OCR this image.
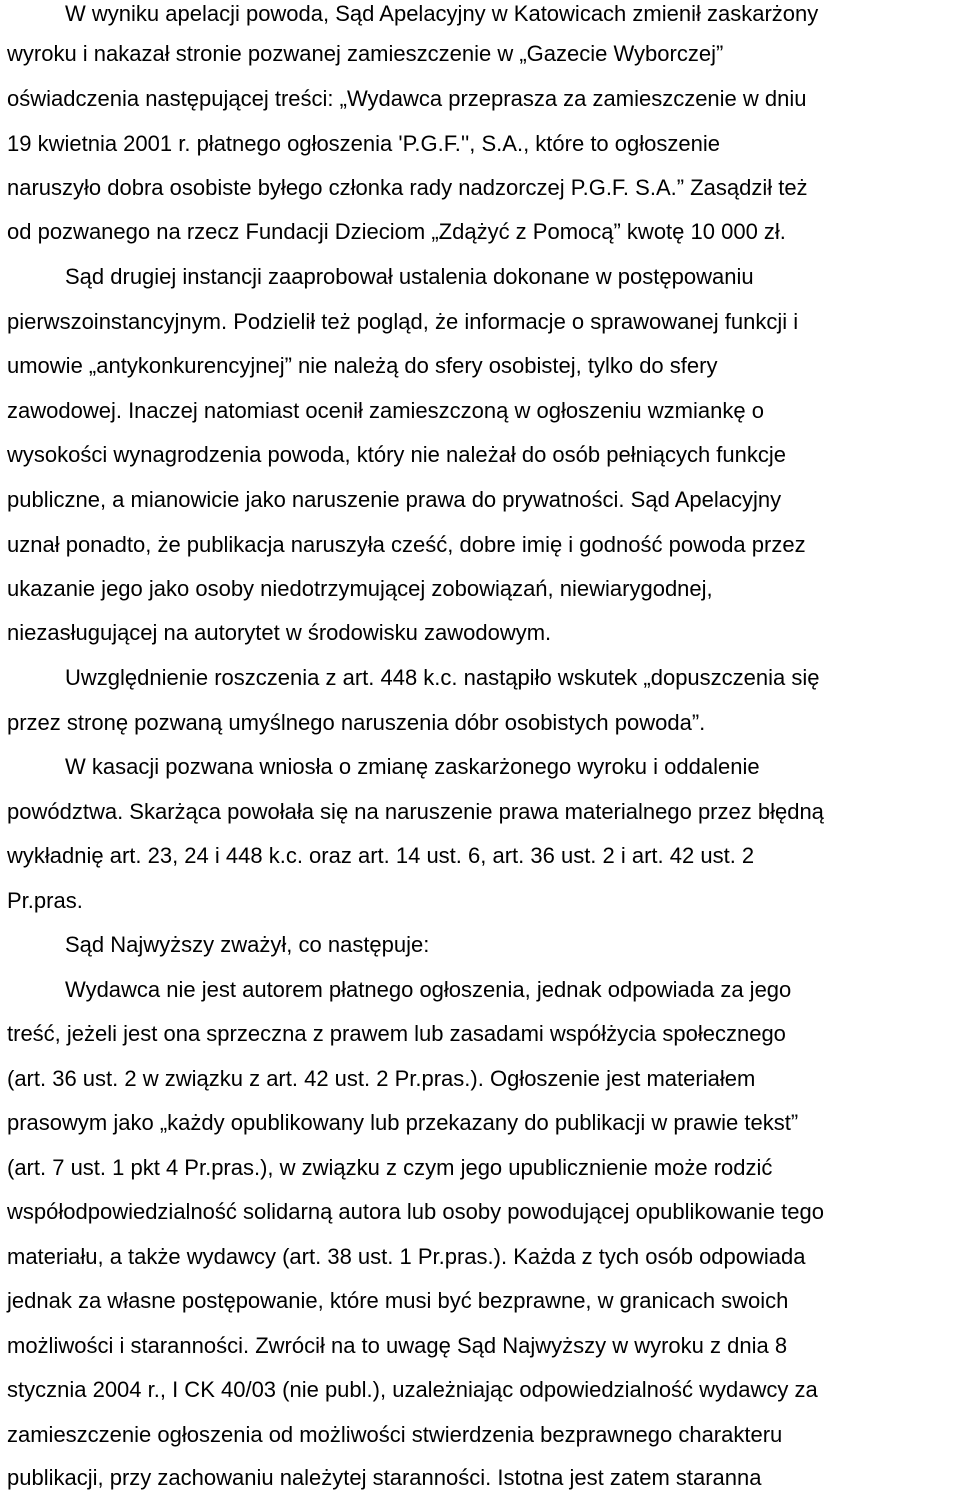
W wyniku apelacji powoda, Sąd Apelacyjny w Katowicach zmienił zaskarżony
wyroku i nakazał stronie pozwanej zamieszczenie w „Gazecie Wyborczej”
oświadczenia następującej treści: „Wydawca przeprasza za zamieszczenie w dniu
19 kwietnia 2001 r. płatnego ogłoszenia 'P.G.F.'', S.A., które to ogłoszenie
naruszyło dobra osobiste byłego członka rady nadzorczej P.G.F. S.A.” Zasądził też
od pozwanego na rzecz Fundacji Dzieciom „Zdążyć z Pomocą” kwotę 10 000 zł.
Sąd drugiej instancji zaaprobował ustalenia dokonane w postępowaniu
pierwszoinstancyjnym. Podzielił też pogląd, że informacje o sprawowanej funkcji i
umowie „antykonkurencyjnej” nie należą do sfery osobistej, tylko do sfery
zawodowej. Inaczej natomiast ocenił zamieszczoną w ogłoszeniu wzmiankę o
wysokości wynagrodzenia powoda, który nie należał do osób pełniących funkcje
publiczne, a mianowicie jako naruszenie prawa do prywatności. Sąd Apelacyjny
uznał ponadto, że publikacja naruszyła cześć, dobre imię i godność powoda przez
ukazanie jego jako osoby niedotrzymującej zobowiązań, niewiarygodnej,
niezasługującej na autorytet w środowisku zawodowym.
Uwzględnienie roszczenia z art. 448 k.c. nastąpiło wskutek „dopuszczenia się
przez stronę pozwaną umyślnego naruszenia dóbr osobistych powoda”.
W kasacji pozwana wniosła o zmianę zaskarżonego wyroku i oddalenie
powództwa. Skarżąca powołała się na naruszenie prawa materialnego przez błędną
wykładnię art. 23, 24 i 448 k.c. oraz art. 14 ust. 6, art. 36 ust. 2 i art. 42 ust. 2
Pr.pras.
Sąd Najwyższy zważył, co następuje:
Wydawca nie jest autorem płatnego ogłoszenia, jednak odpowiada za jego
treść, jeżeli jest ona sprzeczna z prawem lub zasadami współżycia społecznego
(art. 36 ust. 2 w związku z art. 42 ust. 2 Pr.pras.). Ogłoszenie jest materiałem
prasowym jako „każdy opublikowany lub przekazany do publikacji w prawie tekst”
(art. 7 ust. 1 pkt 4 Pr.pras.), w związku z czym jego upublicznienie może rodzić
współodpowiedzialność solidarną autora lub osoby powodującej opublikowanie tego
materiału, a także wydawcy (art. 38 ust. 1 Pr.pras.). Każda z tych osób odpowiada
jednak za własne postępowanie, które musi być bezprawne, w granicach swoich
możliwości i staranności. Zwrócił na to uwagę Sąd Najwyższy w wyroku z dnia 8
stycznia 2004 r., I CK 40/03 (nie publ.), uzależniając odpowiedzialność wydawcy za
zamieszczenie ogłoszenia od możliwości stwierdzenia bezprawnego charakteru
publikacji, przy zachowaniu należytej staranności. Istotna jest zatem staranna
